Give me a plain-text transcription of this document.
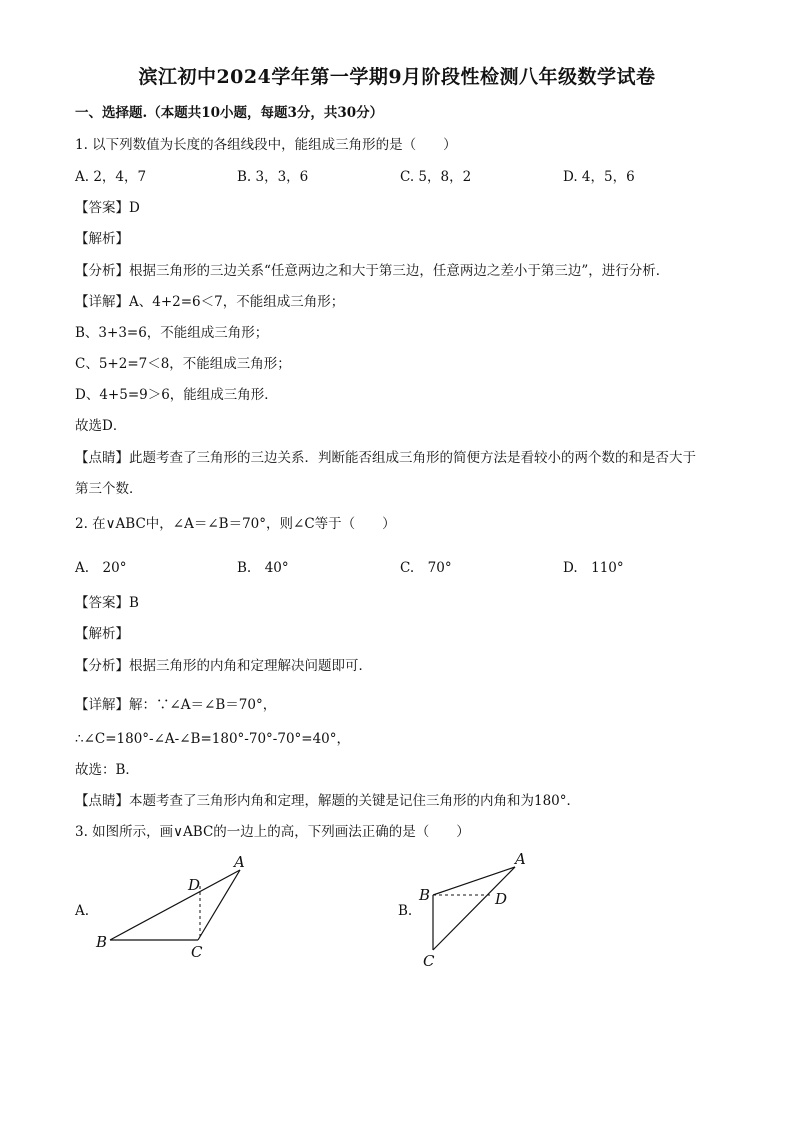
滨江初中2024学年第一学期9月阶段性检测八年级数学试卷
一、选择题.（本题共10小题，每题3分，共30分）
1. 以下列数值为长度的各组线段中，能组成三角形的是（　　）
A. 2，4，7	B. 3，3，6	C. 5，8，2	D. 4，5，6
【答案】D
【解析】
【分析】根据三角形的三边关系“任意两边之和大于第三边，任意两边之差小于第三边”，进行分析．
【详解】A、4+2=6＜7，不能组成三角形；
B、3+3=6，不能组成三角形；
C、5+2=7＜8，不能组成三角形；
D、4+5=9＞6，能组成三角形．
故选D．
【点睛】此题考查了三角形的三边关系．判断能否组成三角形的简便方法是看较小的两个数的和是否大于
第三个数．
2. 在∨ABC中，∠A＝∠B＝70°，则∠C等于（　　）
A.　20°	B.　40°	C.　70°	D.　110°
【答案】B
【解析】
【分析】根据三角形的内角和定理解决问题即可．
【详解】解：∵∠A＝∠B＝70°，
∴∠C=180°-∠A-∠B=180°-70°-70°=40°，
故选：B．
【点睛】本题考查了三角形内角和定理，解题的关键是记住三角形的内角和为180°．
3. 如图所示，画∨ABC的一边上的高，下列画法正确的是（　　）
A.
A
B
C
D
B.
A
B
C
D
